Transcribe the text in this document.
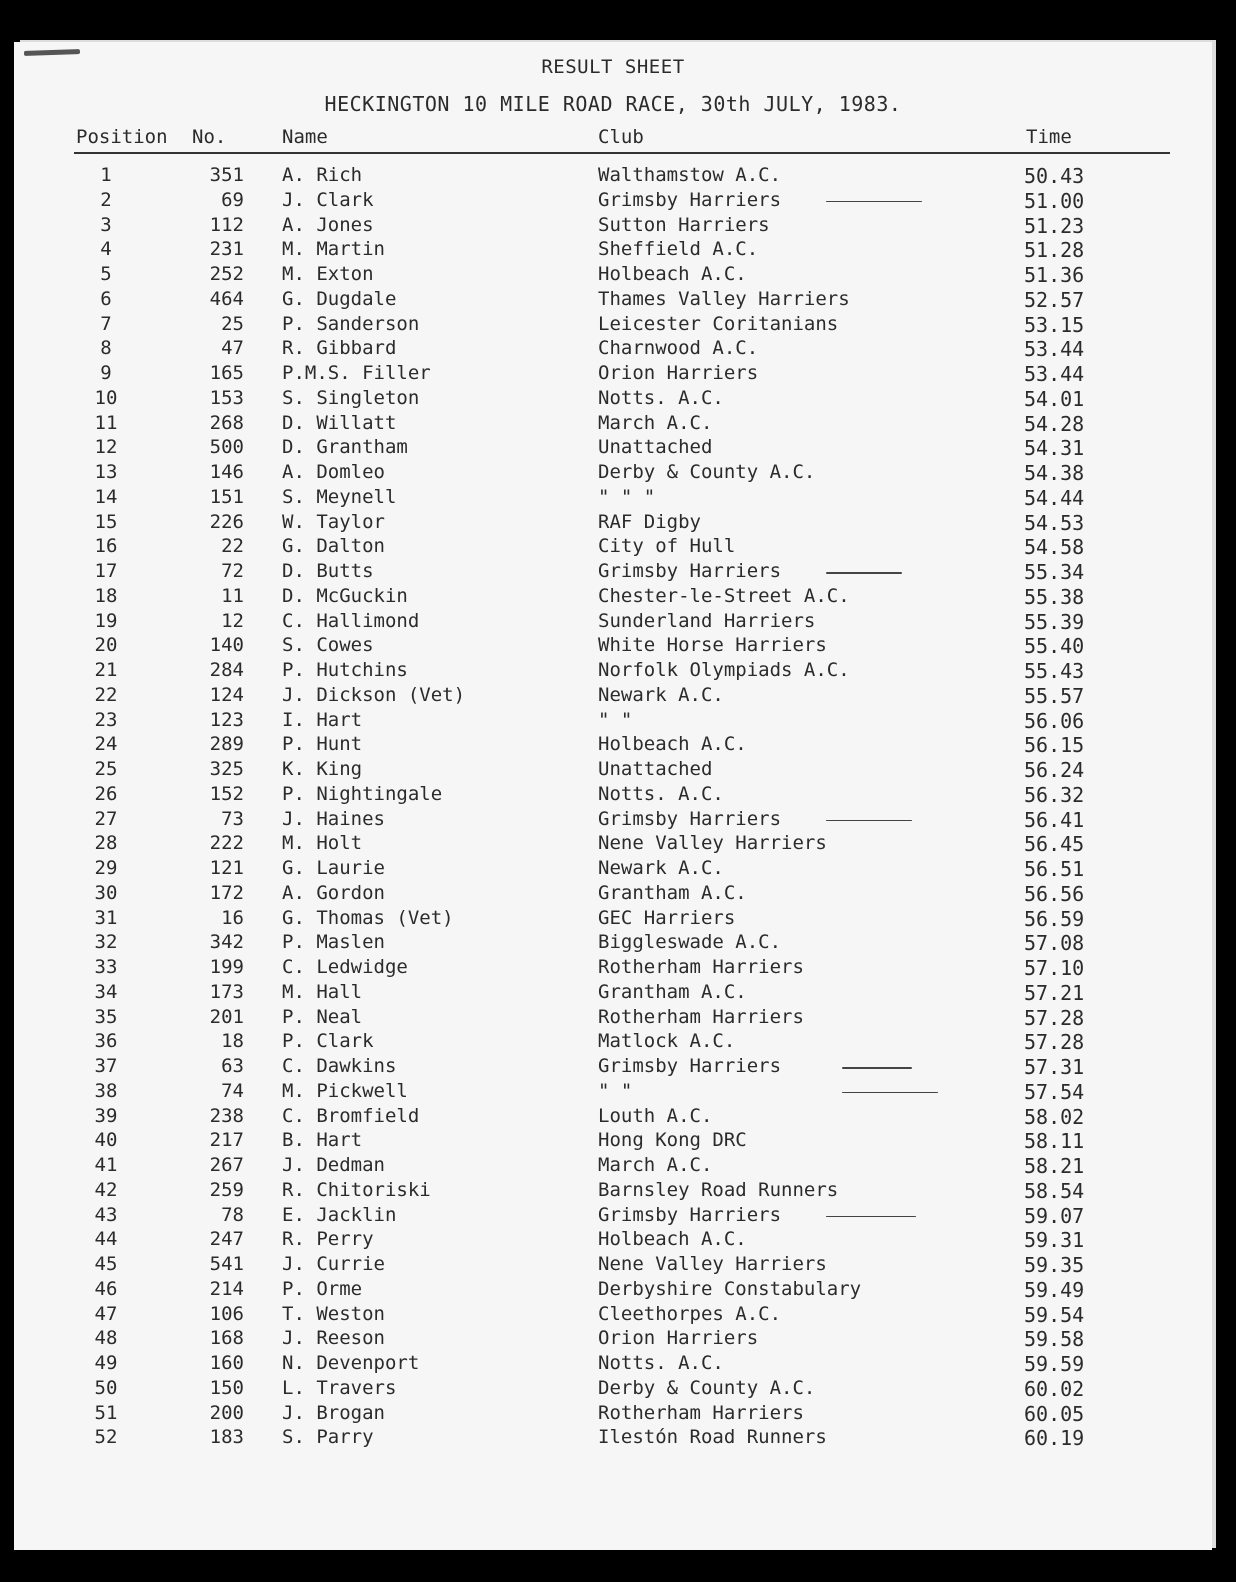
RESULT SHEET
HECKINGTON 10 MILE ROAD RACE, 30th JULY, 1983.
Position No.	Name	Club	Time
1	351 A. Rich	Walthamstow A.C.	50.43
2	69 J. Clark	Grimsby Harriers	51.00
3	112 A. Jones	Sutton Harriers	51.23
4	231 M. Martin	Sheffield A.C.	51.28
5	252 M. Exton	Holbeach A.C.	51.36
6	464 G. Dugdale	Thames Valley Harriers	52.57
7	25 P. Sanderson	Leicester Coritanians	53.15
8	47 R. Gibbard	Charnwood A.C.	53.44
9	165 P.M.S. Filler	Orion Harriers	53.44
10	153 S. Singleton	Notts. A.C.	54.01
11	268 D. Willatt	March A.C.	54.28
12	500 D. Grantham	Unattached	54.31
13	146 A. Domleo	Derby & County A.C.	54.38
14	151 S. Meynell	" " "	54.44
15	226 W. Taylor	RAF Digby	54.53
16	22 G. Dalton	City of Hull	54.58
17	72 D. Butts	Grimsby Harriers	55.34
18	11 D. McGuckin	Chester-le-Street A.C.	55.38
19	12 C. Hallimond	Sunderland Harriers	55.39
20	140 S. Cowes	White Horse Harriers	55.40
21	284 P. Hutchins	Norfolk Olympiads A.C.	55.43
22	124 J. Dickson (Vet)	Newark A.C.	55.57
23	123 I. Hart	" "	56.06
24	289 P. Hunt	Holbeach A.C.	56.15
25	325 K. King	Unattached	56.24
26	152 P. Nightingale	Notts. A.C.	56.32
27	73 J. Haines	Grimsby Harriers	56.41
28	222 M. Holt	Nene Valley Harriers	56.45
29	121 G. Laurie	Newark A.C.	56.51
30	172 A. Gordon	Grantham A.C.	56.56
31	16 G. Thomas (Vet)	GEC Harriers	56.59
32	342 P. Maslen	Biggleswade A.C.	57.08
33	199 C. Ledwidge	Rotherham Harriers	57.10
34	173 M. Hall	Grantham A.C.	57.21
35	201 P. Neal	Rotherham Harriers	57.28
36	18 P. Clark	Matlock A.C.	57.28
37	63 C. Dawkins	Grimsby Harriers	57.31
38	74 M. Pickwell	" "	57.54
39	238 C. Bromfield	Louth A.C.	58.02
40	217 B. Hart	Hong Kong DRC	58.11
41	267 J. Dedman	March A.C.	58.21
42	259 R. Chitoriski	Barnsley Road Runners	58.54
43	78 E. Jacklin	Grimsby Harriers	59.07
44	247 R. Perry	Holbeach A.C.	59.31
45	541 J. Currie	Nene Valley Harriers	59.35
46	214 P. Orme	Derbyshire Constabulary	59.49
47	106 T. Weston	Cleethorpes A.C.	59.54
48	168 J. Reeson	Orion Harriers	59.58
49	160 N. Devenport	Notts. A.C.	59.59
50	150 L. Travers	Derby & County A.C.	60.02
51	200 J. Brogan	Rotherham Harriers	60.05
52	183 S. Parry	Ilestón Road Runners	60.19
